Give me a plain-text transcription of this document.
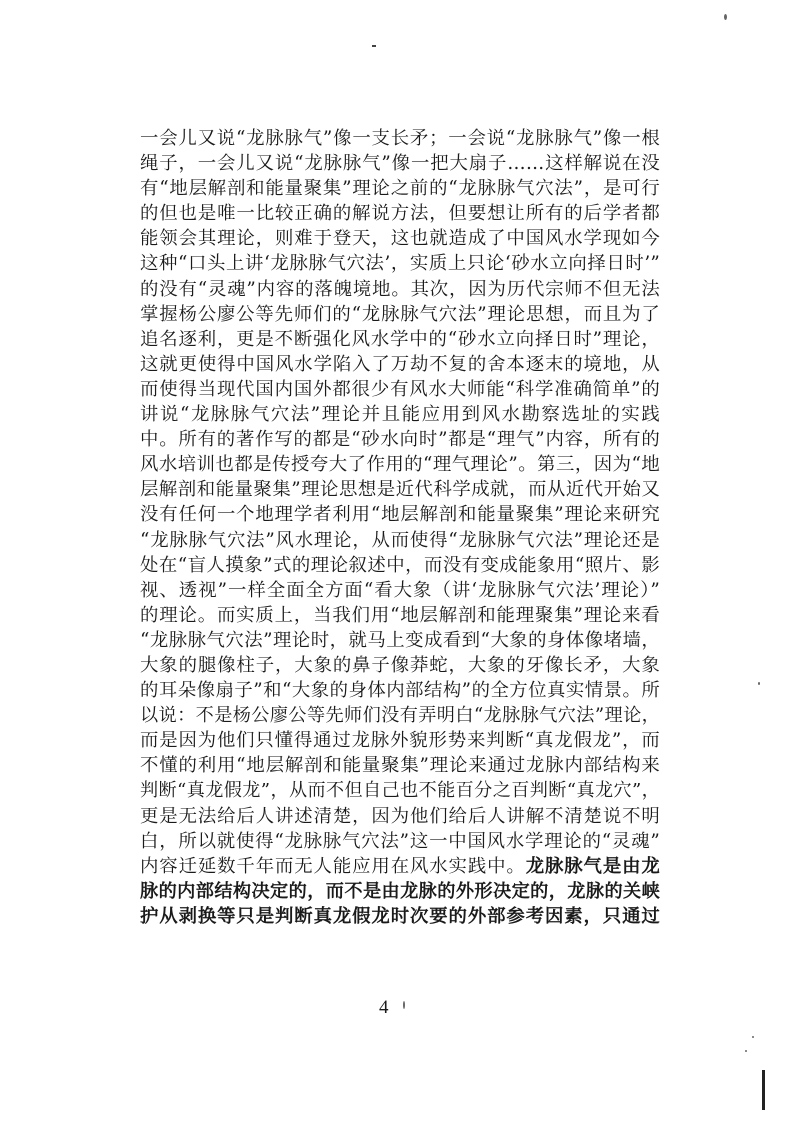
一会儿又说“龙脉脉气”像一支长矛；一会说“龙脉脉气”像一根
绳子，一会儿又说“龙脉脉气”像一把大扇子……这样解说在没
有“地层解剖和能量聚集”理论之前的“龙脉脉气穴法”，是可行
的但也是唯一比较正确的解说方法，但要想让所有的后学者都
能领会其理论，则难于登天，这也就造成了中国风水学现如今
这种“口头上讲‘龙脉脉气穴法’，实质上只论‘砂水立向择日时’”
的没有“灵魂”内容的落魄境地。其次，因为历代宗师不但无法
掌握杨公廖公等先师们的“龙脉脉气穴法”理论思想，而且为了
追名逐利，更是不断强化风水学中的“砂水立向择日时”理论，
这就更使得中国风水学陷入了万劫不复的舍本逐末的境地，从
而使得当现代国内国外都很少有风水大师能“科学准确简单”的
讲说“龙脉脉气穴法”理论并且能应用到风水勘察选址的实践
中。所有的著作写的都是“砂水向时”都是“理气”内容，所有的
风水培训也都是传授夸大了作用的“理气理论”。第三，因为“地
层解剖和能量聚集”理论思想是近代科学成就，而从近代开始又
没有任何一个地理学者利用“地层解剖和能量聚集”理论来研究
“龙脉脉气穴法”风水理论，从而使得“龙脉脉气穴法”理论还是
处在“盲人摸象”式的理论叙述中，而没有变成能象用“照片、影
视、透视”一样全面全方面“看大象（讲‘龙脉脉气穴法’理论）”
的理论。而实质上，当我们用“地层解剖和能理聚集”理论来看
“龙脉脉气穴法”理论时，就马上变成看到“大象的身体像堵墙，
大象的腿像柱子，大象的鼻子像莽蛇，大象的牙像长矛，大象
的耳朵像扇子”和“大象的身体内部结构”的全方位真实情景。所
以说：不是杨公廖公等先师们没有弄明白“龙脉脉气穴法”理论，
而是因为他们只懂得通过龙脉外貌形势来判断“真龙假龙”，而
不懂的利用“地层解剖和能量聚集”理论来通过龙脉内部结构来
判断“真龙假龙”，从而不但自己也不能百分之百判断“真龙穴”，
更是无法给后人讲述清楚，因为他们给后人讲解不清楚说不明
白，所以就使得“龙脉脉气穴法”这一中国风水学理论的“灵魂”
内容迁延数千年而无人能应用在风水实践中。龙脉脉气是由龙
脉的内部结构决定的，而不是由龙脉的外形决定的，龙脉的关峡
护从剥换等只是判断真龙假龙时次要的外部参考因素，只通过
4
